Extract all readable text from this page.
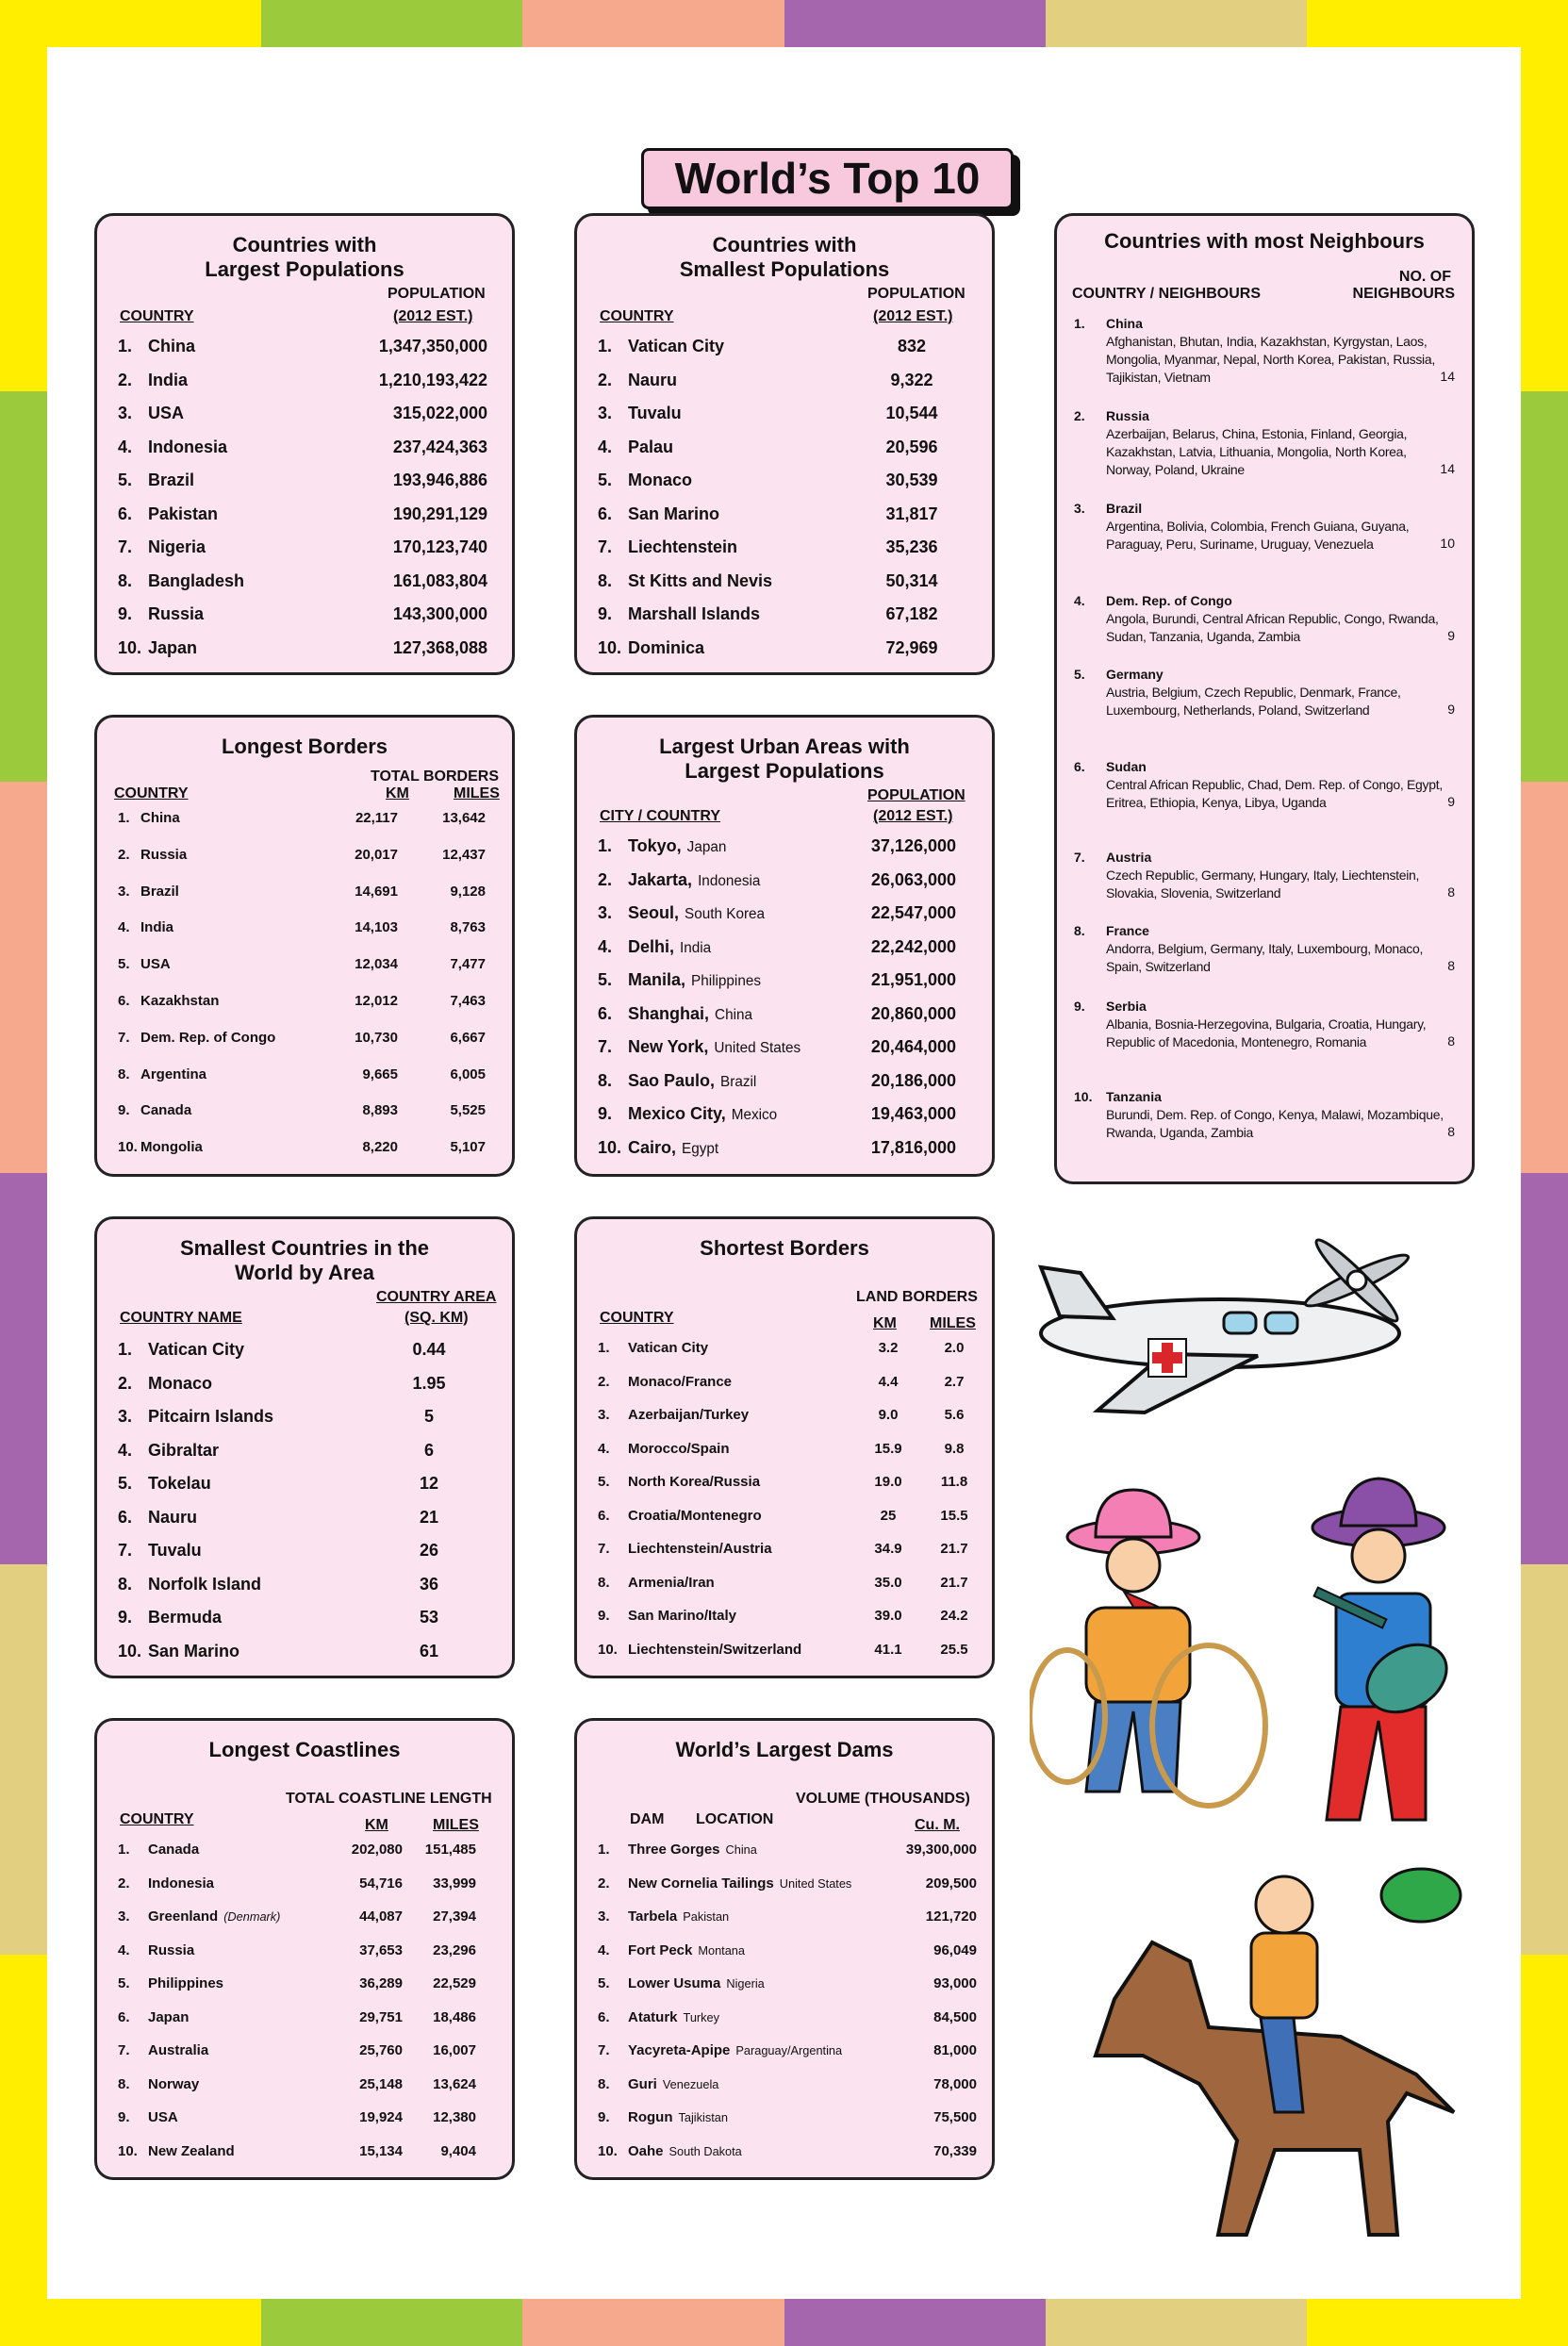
World’s Top 10
Countries with
Largest Populations
POPULATION
COUNTRY	(2012 EST.)
1. China	1,347,350,000
2. India	1,210,193,422
3. USA	315,022,000
4. Indonesia	237,424,363
5. Brazil	193,946,886
6. Pakistan	190,291,129
7. Nigeria	170,123,740
8. Bangladesh	161,083,804
9. Russia	143,300,000
10. Japan	127,368,088
Countries with
Smallest Populations
POPULATION
COUNTRY	(2012 EST.)
1. Vatican City	832
2. Nauru	9,322
3. Tuvalu	10,544
4. Palau	20,596
5. Monaco	30,539
6. San Marino	31,817
7. Liechtenstein	35,236
8. St Kitts and Nevis	50,314
9. Marshall Islands	67,182
10. Dominica	72,969
Countries with most Neighbours
NO. OF
COUNTRY / NEIGHBOURS	NEIGHBOURS
1. China
Afghanistan, Bhutan, India, Kazakhstan, Kyrgystan, Laos, Mongolia, Myanmar, Nepal, North Korea, Pakistan, Russia, Tajikistan, Vietnam	14
2. Russia
Azerbaijan, Belarus, China, Estonia, Finland, Georgia, Kazakhstan, Latvia, Lithuania, Mongolia, North Korea, Norway, Poland, Ukraine	14
3. Brazil
Argentina, Bolivia, Colombia, French Guiana, Guyana, Paraguay, Peru, Suriname, Uruguay, Venezuela	10
4. Dem. Rep. of Congo
Angola, Burundi, Central African Republic, Congo, Rwanda, Sudan, Tanzania, Uganda, Zambia	9
5. Germany
Austria, Belgium, Czech Republic, Denmark, France, Luxembourg, Netherlands, Poland, Switzerland	9
6. Sudan
Central African Republic, Chad, Dem. Rep. of Congo, Egypt, Eritrea, Ethiopia, Kenya, Libya, Uganda	9
7. Austria
Czech Republic, Germany, Hungary, Italy, Liechtenstein, Slovakia, Slovenia, Switzerland	8
8. France
Andorra, Belgium, Germany, Italy, Luxembourg, Monaco, Spain, Switzerland	8
9. Serbia
Albania, Bosnia-Herzegovina, Bulgaria, Croatia, Hungary, Republic of Macedonia, Montenegro, Romania	8
10. Tanzania
Burundi, Dem. Rep. of Congo, Kenya, Malawi, Mozambique, Rwanda, Uganda, Zambia	8
Longest Borders
TOTAL BORDERS
COUNTRY	KM	MILES
1. China	22,117	13,642
2. Russia	20,017	12,437
3. Brazil	14,691	9,128
4. India	14,103	8,763
5. USA	12,034	7,477
6. Kazakhstan	12,012	7,463
7. Dem. Rep. of Congo	10,730	6,667
8. Argentina	9,665	6,005
9. Canada	8,893	5,525
10. Mongolia	8,220	5,107
Largest Urban Areas with
Largest Populations
POPULATION
CITY / COUNTRY	(2012 EST.)
1. Tokyo, Japan	37,126,000
2. Jakarta, Indonesia	26,063,000
3. Seoul, South Korea	22,547,000
4. Delhi, India	22,242,000
5. Manila, Philippines	21,951,000
6. Shanghai, China	20,860,000
7. New York, United States	20,464,000
8. Sao Paulo, Brazil	20,186,000
9. Mexico City, Mexico	19,463,000
10. Cairo, Egypt	17,816,000
Smallest Countries in the
World by Area
COUNTRY AREA
COUNTRY NAME	(SQ. KM)
1. Vatican City	0.44
2. Monaco	1.95
3. Pitcairn Islands	5
4. Gibraltar	6
5. Tokelau	12
6. Nauru	21
7. Tuvalu	26
8. Norfolk Island	36
9. Bermuda	53
10. San Marino	61
Shortest Borders
LAND BORDERS
COUNTRY	KM MILES
1. Vatican City	3.2	2.0
2. Monaco/France	4.4	2.7
3. Azerbaijan/Turkey	9.0	5.6
4. Morocco/Spain	15.9	9.8
5. North Korea/Russia	19.0	11.8
6. Croatia/Montenegro	25	15.5
7. Liechtenstein/Austria	34.9	21.7
8. Armenia/Iran	35.0	21.7
9. San Marino/Italy	39.0	24.2
10. Liechtenstein/Switzerland	41.1	25.5
Longest Coastlines
TOTAL COASTLINE LENGTH
COUNTRY	KM	MILES
1. Canada	202,080 151,485
2. Indonesia	54,716 33,999
3. Greenland (Denmark)	44,087 27,394
4. Russia	37,653 23,296
5. Philippines	36,289 22,529
6. Japan	29,751 18,486
7. Australia	25,760 16,007
8. Norway	25,148 13,624
9. USA	19,924 12,380
10. New Zealand	15,134	9,404
World’s Largest Dams
VOLUME (THOUSANDS)
DAM LOCATION	Cu. M.
1. Three Gorges China	39,300,000
2. New Cornelia Tailings United States	209,500
3. Tarbela Pakistan	121,720
4. Fort Peck Montana	96,049
5. Lower Usuma Nigeria	93,000
6. Ataturk Turkey	84,500
7. Yacyreta-Apipe Paraguay/Argentina	81,000
8. Guri Venezuela	78,000
9. Rogun Tajikistan	75,500
10. Oahe South Dakota	70,339
